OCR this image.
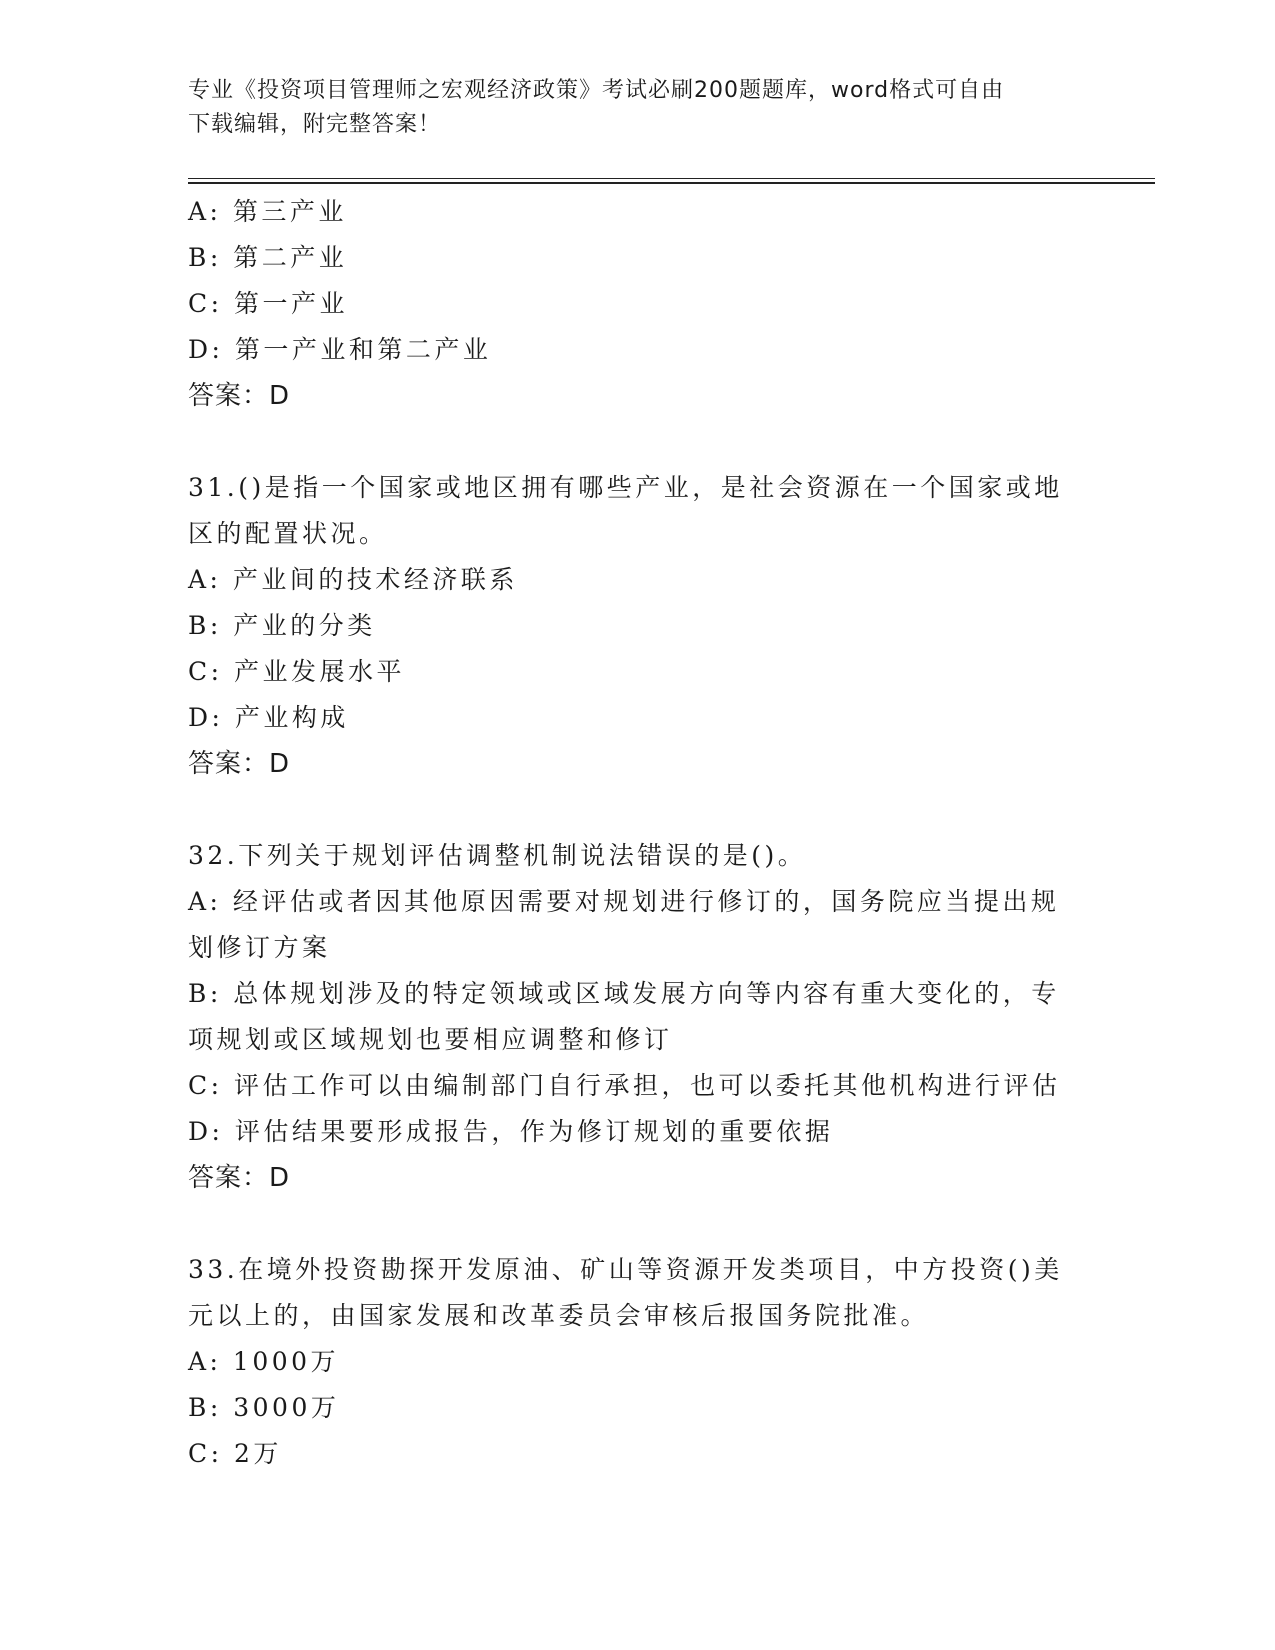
专业《投资项目管理师之宏观经济政策》考试必刷200题题库，word格式可自由
下载编辑，附完整答案！
A: 第三产业
B: 第二产业
C: 第一产业
D: 第一产业和第二产业
答案：D
31.()是指一个国家或地区拥有哪些产业，是社会资源在一个国家或地
区的配置状况。
A: 产业间的技术经济联系
B: 产业的分类
C: 产业发展水平
D: 产业构成
答案：D
32.下列关于规划评估调整机制说法错误的是()。
A: 经评估或者因其他原因需要对规划进行修订的，国务院应当提出规
划修订方案
B: 总体规划涉及的特定领域或区域发展方向等内容有重大变化的，专
项规划或区域规划也要相应调整和修订
C: 评估工作可以由编制部门自行承担，也可以委托其他机构进行评估
D: 评估结果要形成报告，作为修订规划的重要依据
答案：D
33.在境外投资勘探开发原油、矿山等资源开发类项目，中方投资()美
元以上的，由国家发展和改革委员会审核后报国务院批准。
A: 1000万
B: 3000万
C: 2万
